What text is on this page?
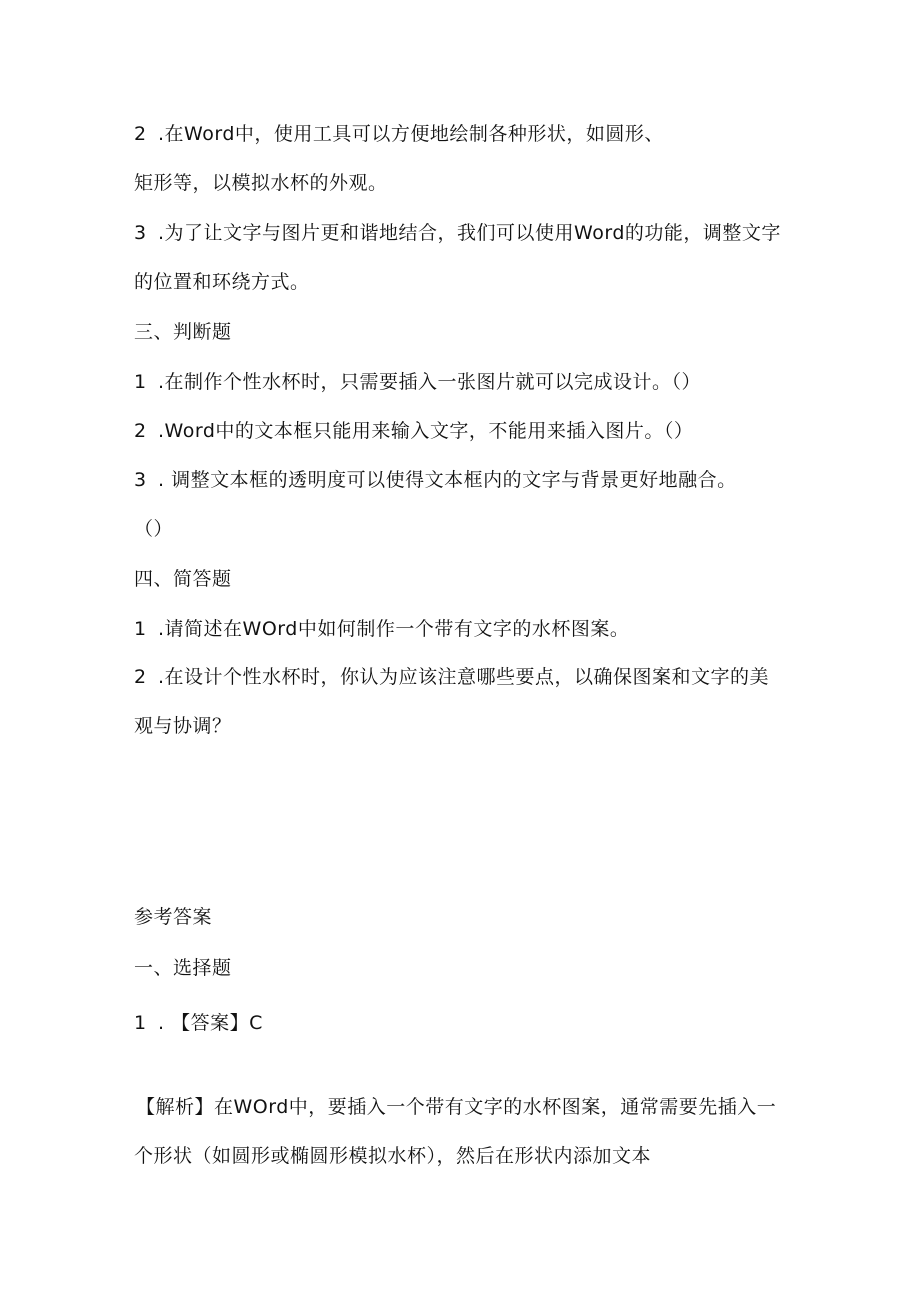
2 .在Word中，使用工具可以方便地绘制各种形状，如圆形、
矩形等，以模拟水杯的外观。
3 .为了让文字与图片更和谐地结合，我们可以使用Word的功能，调整文字
的位置和环绕方式。
三、判断题
1 .在制作个性水杯时，只需要插入一张图片就可以完成设计。（）
2 .Word中的文本框只能用来输入文字，不能用来插入图片。（）
3 . 调整文本框的透明度可以使得文本框内的文字与背景更好地融合。
（）
四、简答题
1 .请简述在WOrd中如何制作一个带有文字的水杯图案。
2 .在设计个性水杯时，你认为应该注意哪些要点，以确保图案和文字的美
观与协调？
参考答案
一、选择题
1 . 【答案】C
【解析】在WOrd中，要插入一个带有文字的水杯图案，通常需要先插入一
个形状（如圆形或椭圆形模拟水杯），然后在形状内添加文本
